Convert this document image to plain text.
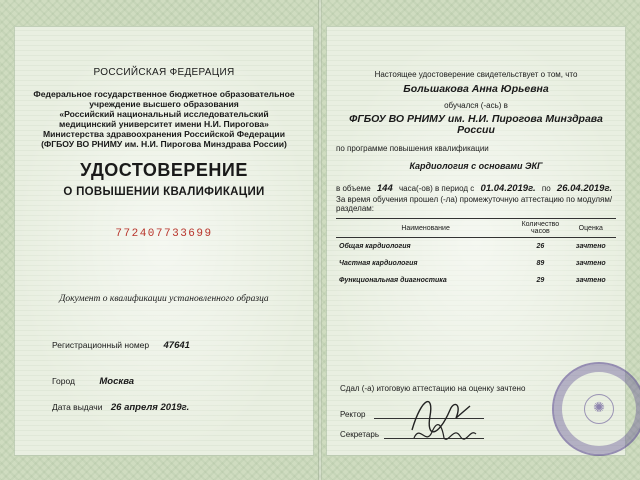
РОССИЙСКАЯ ФЕДЕРАЦИЯ

Федеральное государственное бюджетное образовательное
учреждение высшего образования
«Российский национальный исследовательский
медицинский университет имени Н.И. Пирогова»
Министерства здравоохранения Российской Федерации
(ФГБОУ ВО РНИМУ им. Н.И. Пирогова Минздрава России)

УДОСТОВЕРЕНИЕ

О ПОВЫШЕНИИ КВАЛИФИКАЦИИ

772407733699

Документ о квалификации установленного образца

Регистрационный номер 47641

Город	Москва

Дата выдачи 26 апреля 2019г.

Настоящее удостоверение свидетельствует о том, что

Большакова Анна Юрьевна

обучался (-ась) в

ФГБОУ ВО РНИМУ им. Н.И. Пирогова Минздрава
России

по программе повышения квалификации

Кардиология с основами ЭКГ

в объеме 144 часа(-ов) в период с 01.04.2019г. по 26.04.2019г.

За время обучения прошел (-ла) промежуточную аттестацию по модулям/разделам:

Наименование	Количество часов	Оценка
Общая кардиология	26	зачтено
Частная кардиология	89	зачтено
Функциональная диагностика	29	зачтено

Сдал (-а) итоговую аттестацию на оценку зачтено

Ректор

Секретарь

✺
